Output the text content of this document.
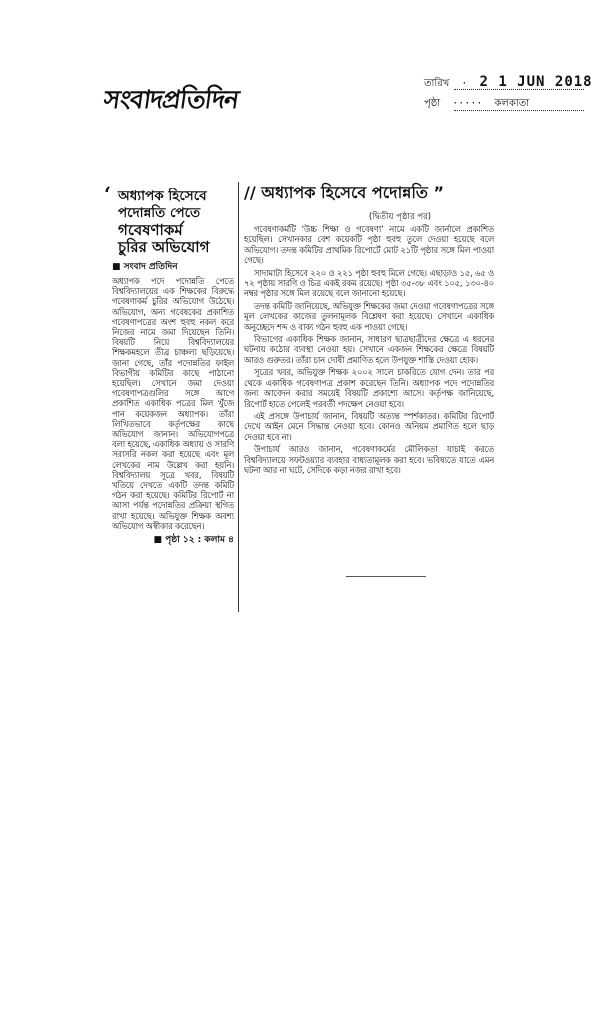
সংবাদপ্রতিদিন
তারিখ  ·  2 1 JUN 2018
পৃষ্ঠা  ·····  কলকাতা
‘ অধ্যাপক হিসেবে
পদোন্নতি পেতে
গবেষণাকর্ম
চুরির অভিযোগ
■ সংবাদ প্রতিদিন
অধ্যাপক পদে পদোন্নতি পেতে বিশ্ববিদ্যালয়ের এক শিক্ষকের বিরুদ্ধে গবেষণাকর্ম চুরির অভিযোগ উঠেছে। অভিযোগ, অন্য গবেষকের প্রকাশিত গবেষণাপত্রের অংশ হুবহু নকল করে নিজের নামে জমা দিয়েছেন তিনি। বিষয়টি নিয়ে বিশ্ববিদ্যালয়ের শিক্ষকমহলে তীব্র চাঞ্চল্য ছড়িয়েছে। জানা গেছে, তাঁর পদোন্নতির ফাইল বিভাগীয় কমিটির কাছে পাঠানো হয়েছিল। সেখানে জমা দেওয়া গবেষণাপত্রগুলির সঙ্গে আগে প্রকাশিত একাধিক পত্রের মিল খুঁজে পান কয়েকজন অধ্যাপক। তাঁরা লিখিতভাবে কর্তৃপক্ষের কাছে অভিযোগ জানান। অভিযোগপত্রে বলা হয়েছে, একাধিক অধ্যায় ও সারণি সরাসরি নকল করা হয়েছে এবং মূল লেখকের নাম উল্লেখ করা হয়নি। বিশ্ববিদ্যালয় সূত্রে খবর, বিষয়টি খতিয়ে দেখতে একটি তদন্ত কমিটি গঠন করা হয়েছে। কমিটির রিপোর্ট না আসা পর্যন্ত পদোন্নতির প্রক্রিয়া স্থগিত রাখা হয়েছে। অভিযুক্ত শিক্ষক অবশ্য অভিযোগ অস্বীকার করেছেন।
■ পৃষ্ঠা ১২ : কলাম ৪
// অধ্যাপক হিসেবে পদোন্নতি ”
(দ্বিতীয় পৃষ্ঠার পর)

গবেষণাকর্মটি ‘উচ্চ শিক্ষা ও গবেষণা’ নামে একটি জার্নালে প্রকাশিত হয়েছিল। সেখানকার বেশ কয়েকটি পৃষ্ঠা হুবহু তুলে দেওয়া হয়েছে বলে অভিযোগ। তদন্ত কমিটির প্রাথমিক রিপোর্টে মোট ২১টি পৃষ্ঠার সঙ্গে মিল পাওয়া গেছে।

সাদামাটা হিসেবে ২২০ ও ২২১ পৃষ্ঠা হুবহু মিলে গেছে। এছাড়াও ১৫, ৬৫ ও ৭২ পৃষ্ঠায় সারণি ও চিত্র একই রকম রয়েছে। পৃষ্ঠা ৩৫-৩৮ এবং ১০৫, ১৩০-৪০ নম্বর পৃষ্ঠার সঙ্গে মিল রয়েছে বলে জানানো হয়েছে।

তদন্ত কমিটি জানিয়েছে, অভিযুক্ত শিক্ষকের জমা দেওয়া গবেষণাপত্রের সঙ্গে মূল লেখকের কাজের তুলনামূলক বিশ্লেষণ করা হয়েছে। সেখানে একাধিক অনুচ্ছেদে শব্দ ও বাক্য গঠন হুবহু এক পাওয়া গেছে।

বিভাগের একাধিক শিক্ষক জানান, সাধারণ ছাত্রছাত্রীদের ক্ষেত্রে এ ধরনের ঘটনায় কঠোর ব্যবস্থা নেওয়া হয়। সেখানে একজন শিক্ষকের ক্ষেত্রে বিষয়টি আরও গুরুতর। তাঁরা চান দোষী প্রমাণিত হলে উপযুক্ত শাস্তি দেওয়া হোক।

সূত্রের খবর, অভিযুক্ত শিক্ষক ২০০২ সালে চাকরিতে যোগ দেন। তার পর থেকে একাধিক গবেষণাপত্র প্রকাশ করেছেন তিনি। অধ্যাপক পদে পদোন্নতির জন্য আবেদন করার সময়েই বিষয়টি প্রকাশ্যে আসে। কর্তৃপক্ষ জানিয়েছে, রিপোর্ট হাতে পেলেই পরবর্তী পদক্ষেপ নেওয়া হবে।

এই প্রসঙ্গে উপাচার্য জানান, বিষয়টি অত্যন্ত স্পর্শকাতর। কমিটির রিপোর্ট দেখে আইন মেনে সিদ্ধান্ত নেওয়া হবে। কোনও অনিয়ম প্রমাণিত হলে ছাড় দেওয়া হবে না।

উপাচার্য আরও জানান, গবেষণাকর্মের মৌলিকতা যাচাই করতে বিশ্ববিদ্যালয়ে সফটওয়্যার ব্যবহার বাধ্যতামূলক করা হবে। ভবিষ্যতে যাতে এমন ঘটনা আর না ঘটে, সেদিকে কড়া নজর রাখা হবে।
